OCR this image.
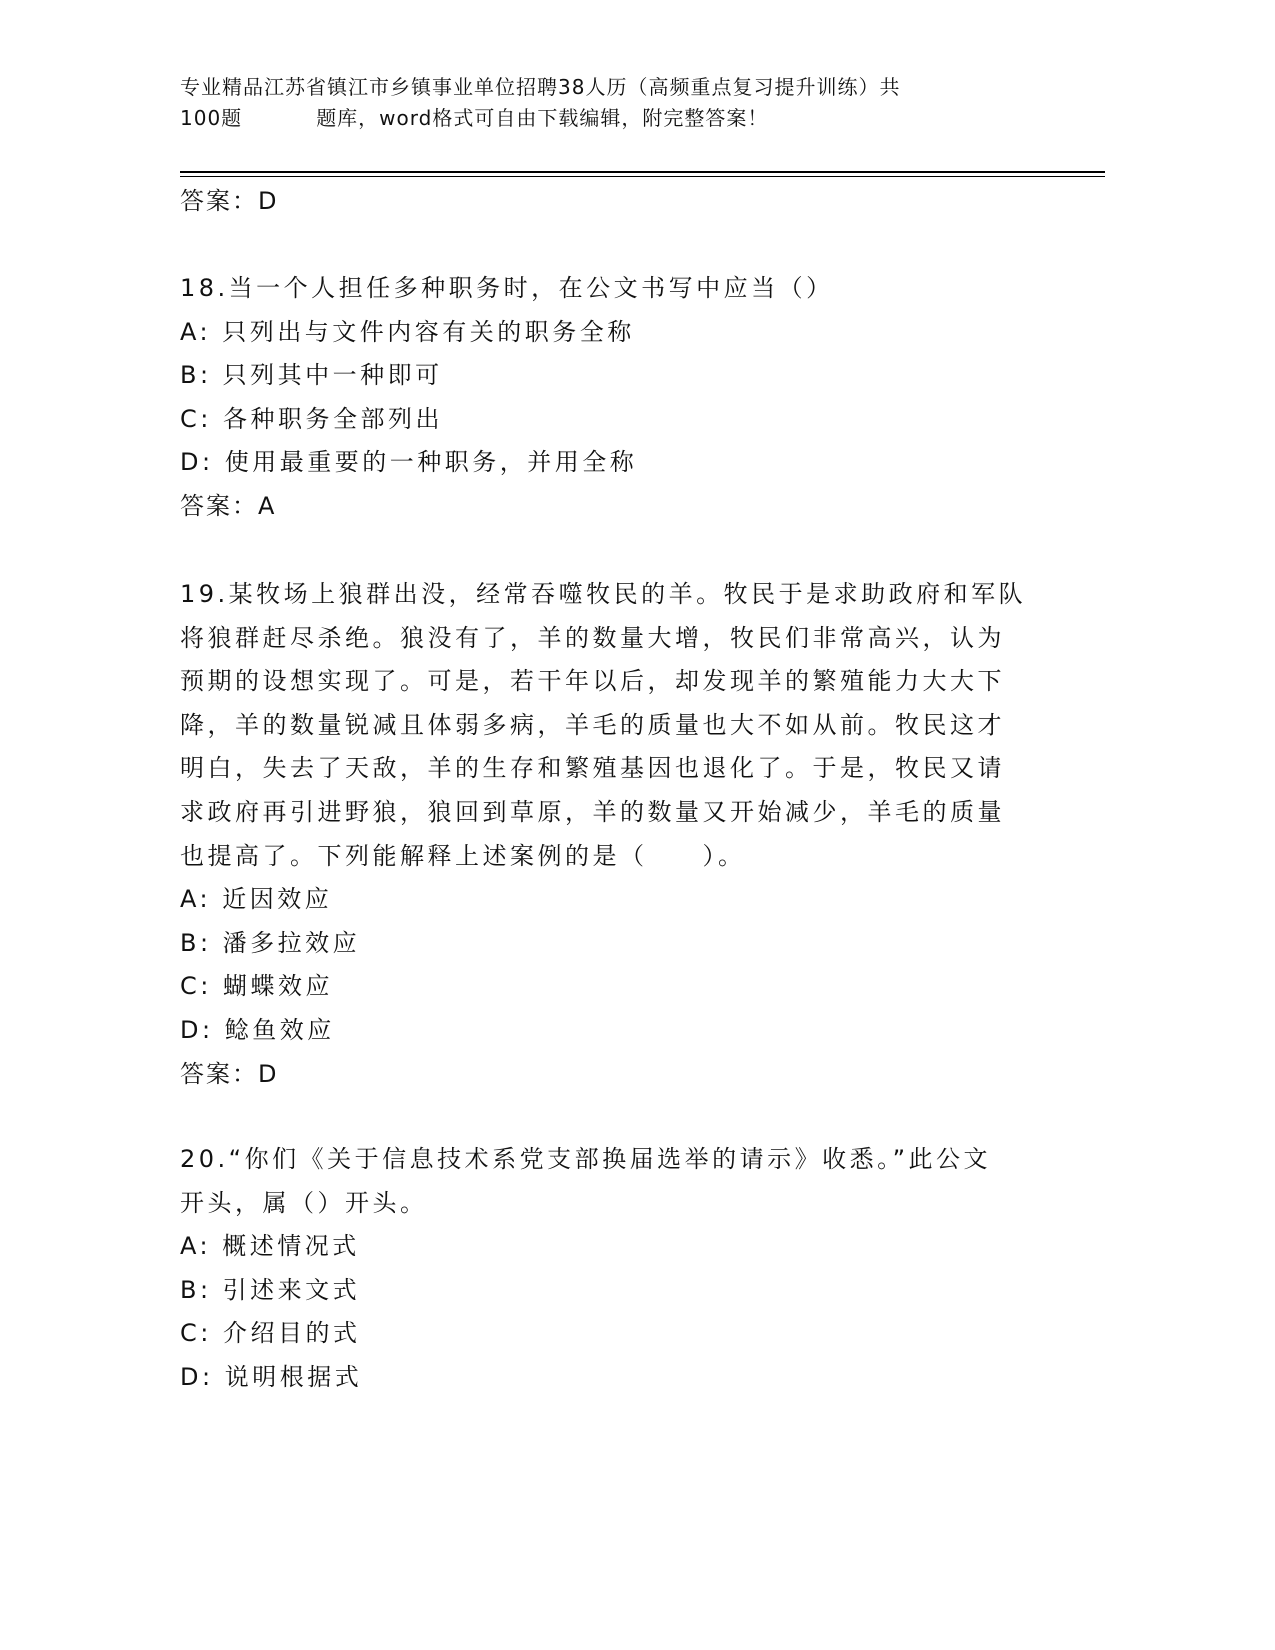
专业精品江苏省镇江市乡镇事业单位招聘38人历（高频重点复习提升训练）共
100题	题库，word格式可自由下载编辑，附完整答案！
答案：D
18.当一个人担任多种职务时，在公文书写中应当（）
A: 只列出与文件内容有关的职务全称
B: 只列其中一种即可
C: 各种职务全部列出
D: 使用最重要的一种职务，并用全称
答案：A
19.某牧场上狼群出没，经常吞噬牧民的羊。牧民于是求助政府和军队
将狼群赶尽杀绝。狼没有了，羊的数量大增，牧民们非常高兴，认为
预期的设想实现了。可是，若干年以后，却发现羊的繁殖能力大大下
降，羊的数量锐减且体弱多病，羊毛的质量也大不如从前。牧民这才
明白，失去了天敌，羊的生存和繁殖基因也退化了。于是，牧民又请
求政府再引进野狼，狼回到草原，羊的数量又开始减少，羊毛的质量
也提高了。下列能解释上述案例的是（　　）。
A: 近因效应
B: 潘多拉效应
C: 蝴蝶效应
D: 鲶鱼效应
答案：D
20.“你们《关于信息技术系党支部换届选举的请示》收悉。”此公文
开头，属（）开头。
A: 概述情况式
B: 引述来文式
C: 介绍目的式
D: 说明根据式
